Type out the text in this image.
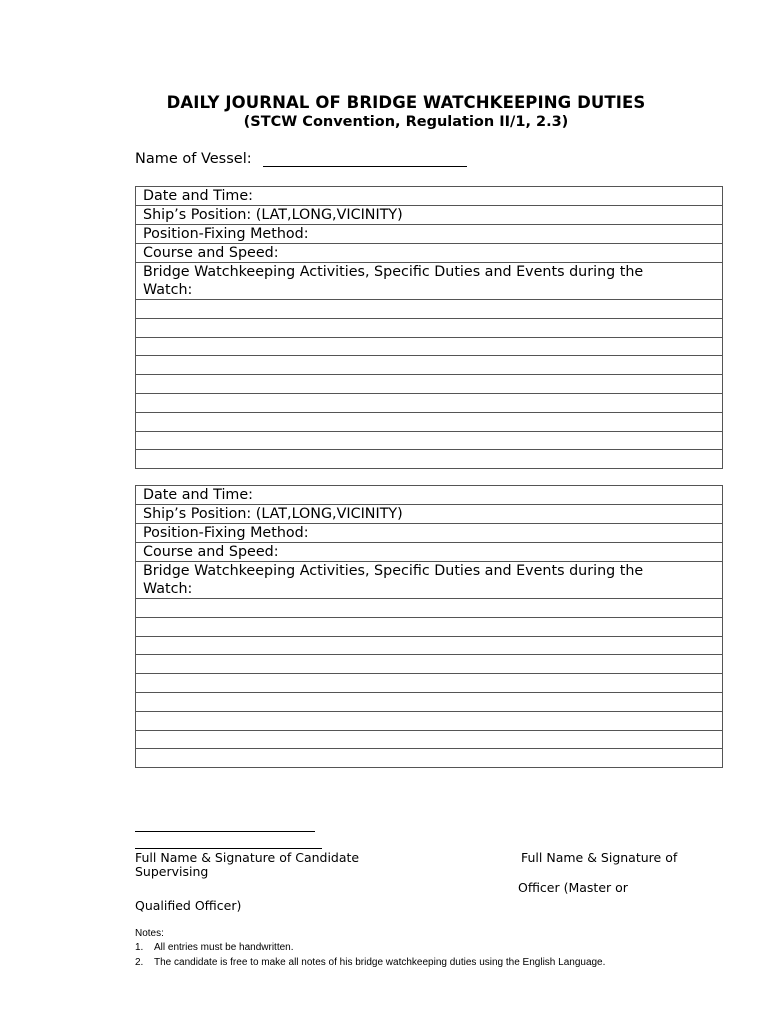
DAILY JOURNAL OF BRIDGE WATCHKEEPING DUTIES
(STCW Convention, Regulation II/1, 2.3)
Name of Vessel:
Date and Time:
Ship’s Position: (LAT,LONG,VICINITY)
Position-Fixing Method:
Course and Speed:
Bridge Watchkeeping Activities, Specific Duties and Events during the Watch:

Date and Time:
Ship’s Position: (LAT,LONG,VICINITY)
Position-Fixing Method:
Course and Speed:
Bridge Watchkeeping Activities, Specific Duties and Events during the Watch:

Full Name & Signature of Candidate
Supervising
Full Name & Signature of
Officer (Master or
Qualified Officer)
Notes:
1. All entries must be handwritten.
2. The candidate is free to make all notes of his bridge watchkeeping duties using the English Language.
